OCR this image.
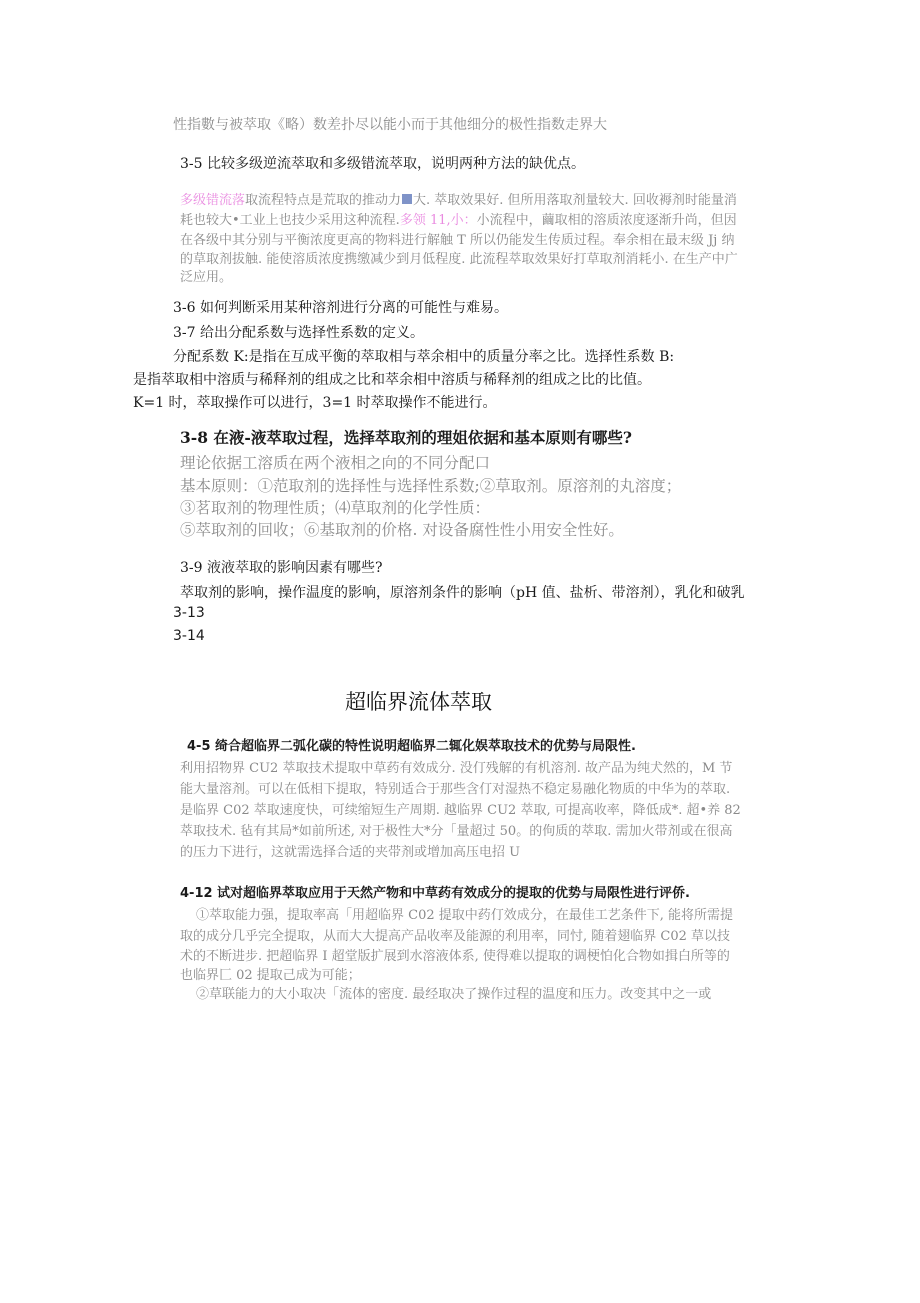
性指數与被萃取《略）数差扑尽以能小而于其他细分的极性指数走界大

3-5 比较多级逆流萃取和多级错流萃取，说明两种方法的缺优点。

多级错流落取流程特点是荒取的推动力 大. 萃取效果好. 但所用落取剂量较大. 回收褥剂时能量消

耗也较大•工业上也技少采用这种流程.多领 11,小：小流程中，繭取相的溶质浓度逐渐升尚，但因

在各级中其分别与平衡浓度更高的物料进行解触 T 所以仍能发生传质过程。奉余相在最末级 Jj 纳

的草取剂拔触. 能使溶质浓度携缴减少到月低程度. 此流程萃取效果好打草取剂消耗小. 在生产中广

泛应用。

3-6 如何判断采用某种溶剂进行分离的可能性与难易。

3-7 给出分配系数与选择性系数的定义。

分配系数 K:是指在互成平衡的萃取相与萃余相中的质量分率之比。选择性系数 B:

是指萃取相中溶质与稀释剂的组成之比和萃余相中溶质与稀释剂的组成之比的比值。

K=1 时，萃取操作可以进行，3=1 时萃取操作不能进行。

3-8 在液-液萃取过程，选择萃取剂的理姐依据和基本原则有哪些?

理论依据工溶质在两个液相之向的不同分配口

基本原则：①范取剂的选择性与选择性系数;②草取剂。原溶剂的丸溶度；

③茗取剂的物理性质；⑷草取剂的化学性质：

⑤萃取剂的回收；⑥基取剂的价格. 对设备腐性性小用安全性好。

3-9 液液萃取的影响因素有哪些?

萃取剂的影响，操作温度的影响，原溶剂条件的影响（pH 值、盐析、带溶剂），乳化和破乳

3-13

3-14

超临界流体萃取

4-5 绮合超临界二弧化碳的特性说明超临界二辄化娱萃取技术的优势与局限性.

利用招物界 CU2 萃取技术提取中草药有效成分. 没仃残解的有机溶剂. 故产品为纯犬然的，M 节

能大量溶剂。可以在低相下提取，特别适合于那些含仃对湿热不稳定易融化物质的中华为的萃取.

是临界 C02 萃取速度快，可续缩短生产周期. 越临界 CU2 萃取, 可提高收率，降低成*. 超•养 82

萃取技术. 毡有其局*如前所述, 对于极性大*分「量超过 50。的佝质的萃取. 需加火带剂或在很高

的压力下进行，这就需选择合适的夹带剂或增加高压电招 U

4-12 试对超临界萃取应用于天然产物和中草药有效成分的提取的优势与局限性进行评侨.

①萃取能力强，提取率高「用超临界 C02 提取中药仃效成分，在最佳工艺条件下, 能将所需提

取的成分几乎完全提取，从而大大提高产品收率及能源的利用率，同忖, 随着翅临界 C02 草以技

术的不断进步. 把超临界 I 超堂版扩展到水溶液体系, 使得难以提取的调梗怕化合物如揖白所等的

也临界匚 02 提取己成为可能；

②草联能力的大小取决「流体的密度. 最经取决了操作过程的温度和压力。改变其中之一或
